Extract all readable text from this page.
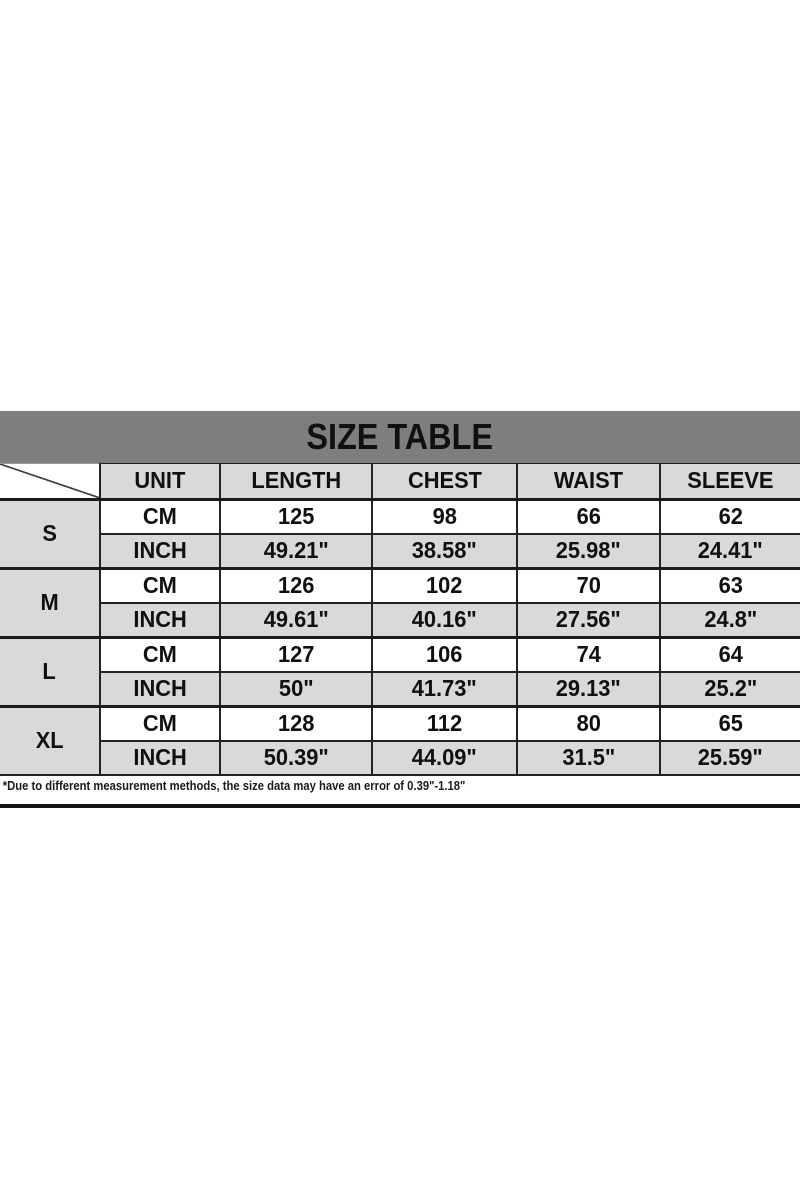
SIZE TABLE
	UNIT	LENGTH	CHEST	WAIST	SLEEVE
S	CM	125	98	66	62
	INCH	49.21"	38.58"	25.98"	24.41"
M	CM	126	102	70	63
	INCH	49.61"	40.16"	27.56"	24.8"
L	CM	127	106	74	64
	INCH	50"	41.73"	29.13"	25.2"
XL	CM	128	112	80	65
	INCH	50.39"	44.09"	31.5"	25.59"
*Due to different measurement methods, the size data may have an error of 0.39"-1.18"					
